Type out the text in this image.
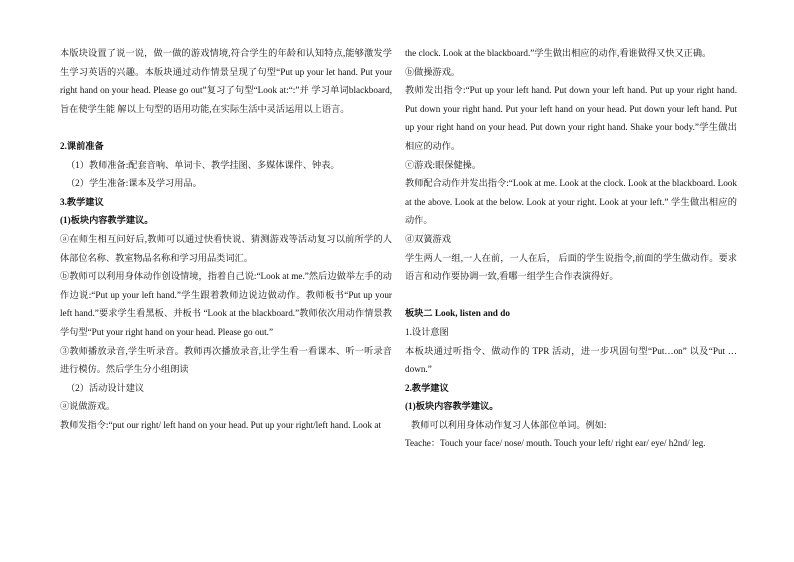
本版块设置了说一说，做一做的游戏情境,符合学生的年龄和认知特点,能够激发学生学习英语的兴趣。本版块通过动作情景呈现了句型“Put up your let hand. Put your right hand on your head. Please go out”复习了句型“Look at:“:”并 学习单词blackboard,旨在使学生能 解以上句型的语用功能,在实际生活中灵活运用以上语言。

2.课前准备

（1）教师准备:配套音响、单词卡、教学挂图、多媒体课件、钟表。

（2）学生准备:课本及学习用品。

3.教学建议

(1)板块内容教学建议。

ⓐ在师生相互问好后,教师可以通过快看快说、猜测游戏等活动复习以前所学的人体部位名称、教室物品名称和学习用品类词汇。

ⓑ教师可以利用身体动作创设情境，指着自己说:“Look at me.”然后边做举左手的动作边说:“Put up your left hand.”学生跟着教师边说边做动作。教师板书“Put up your left hand.”要求学生看黑板、并板书 “Look at the blackboard.”教师依次用动作情景教学句型“Put your right hand on your head. Please go out.”

③教师播放录音,学生听录音。教师再次播放录音,让学生看一看课本、听一听录音进行模仿。然后学生分小组朗读

（2）活动设计建议

ⓐ说做游戏。

教师发指令:“put our right/ left hand on your head. Put up your right/left hand. Look at

the clock. Look at the blackboard.”学生做出相应的动作,看谁做得又快又正确。

ⓑ做操游戏。

教师发出指令:“Put up your left hand. Put down your left hand. Put up your right hand. Put down your right hand. Put your left hand on your head. Put down your left hand. Put up your right hand on your head. Put down your right hand. Shake your body.”学生做出相应的动作。

ⓒ游戏:眼保健操。

教师配合动作并发出指令:“Look at me. Look at the clock. Look at the blackboard. Look at the above. Look at the below. Look at your right. Look at your left.” 学生做出相应的动作。

ⓓ双簧游戏

学生两人一组,一人在前，一人在后， 后面的学生说指令,前面的学生做动作。要求语言和动作要协调一致,看哪一组学生合作表演得好。

板块二 Look, listen and do

1.设计意图

本板块通过听指令、做动作的 TPR 活动，进一步巩固句型“Put…on” 以及“Put …down.”

2.教学建议

(1)板块内容教学建议。

教师可以利用身体动作复习人体部位单词。例如:

Teache：Touch your face/ nose/ mouth. Touch your left/ right ear/ eye/ h2nd/ leg.
